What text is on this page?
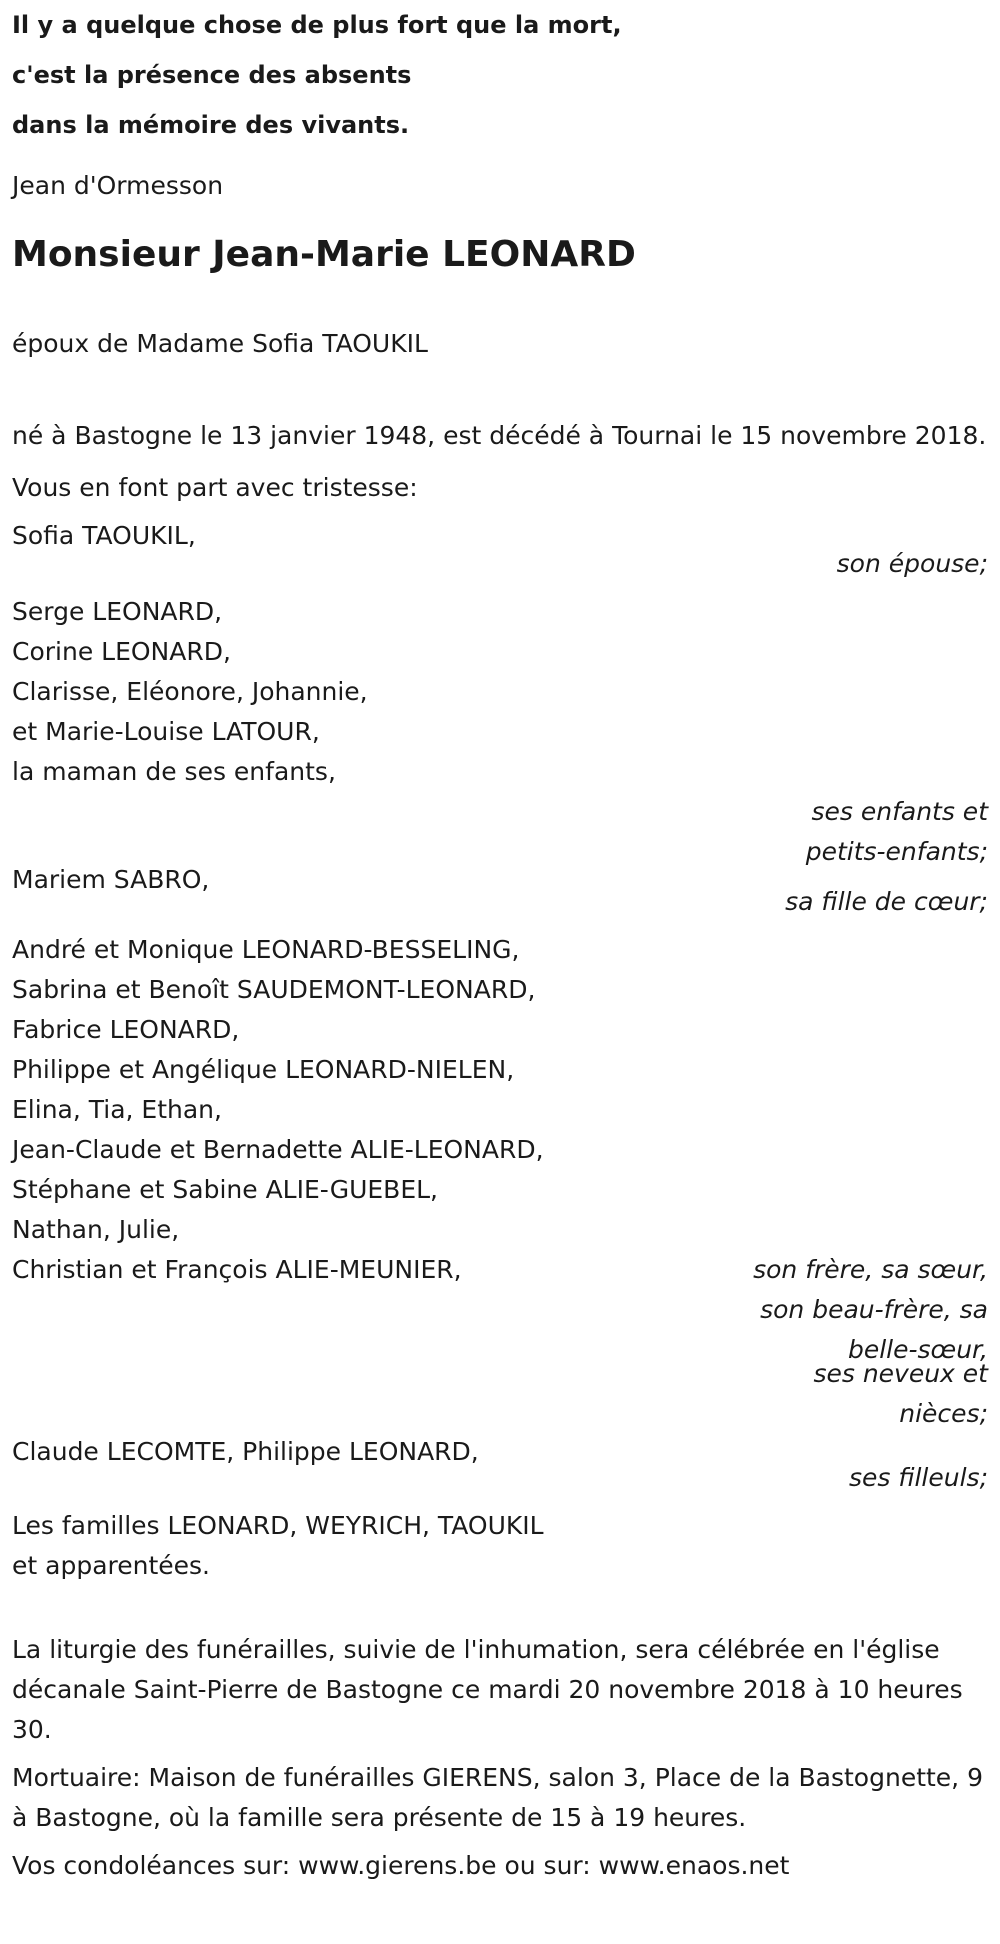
Il y a quelque chose de plus fort que la mort,
c'est la présence des absents
dans la mémoire des vivants.
Jean d'Ormesson
Monsieur Jean-Marie LEONARD
époux de Madame Sofia TAOUKIL
né à Bastogne le 13 janvier 1948, est décédé à Tournai le 15 novembre 2018.
Vous en font part avec tristesse:
Sofia TAOUKIL,
son épouse;
Serge LEONARD,
Corine LEONARD,
Clarisse, Eléonore, Johannie,
et Marie-Louise LATOUR,
la maman de ses enfants,
ses enfants et petits-enfants;
Mariem SABRO,
sa fille de cœur;
André et Monique LEONARD-BESSELING,
Sabrina et Benoît SAUDEMONT-LEONARD,
Fabrice LEONARD,
Philippe et Angélique LEONARD-NIELEN,
Elina, Tia, Ethan,
Jean-Claude et Bernadette ALIE-LEONARD,
Stéphane et Sabine ALIE-GUEBEL,
Nathan, Julie,
Christian et François ALIE-MEUNIER,	son frère, sa sœur, son beau-frère, sa belle-sœur,
ses neveux et nièces;
Claude LECOMTE, Philippe LEONARD,
ses filleuls;
Les familles LEONARD, WEYRICH, TAOUKIL
et apparentées.
La liturgie des funérailles, suivie de l'inhumation, sera célébrée en l'église décanale Saint-Pierre de Bastogne ce mardi 20 novembre 2018 à 10 heures 30.
Mortuaire: Maison de funérailles GIERENS, salon 3, Place de la Bastognette, 9 à Bastogne, où la famille sera présente de 15 à 19 heures.
Vos condoléances sur: www.gierens.be ou sur: www.enaos.net
